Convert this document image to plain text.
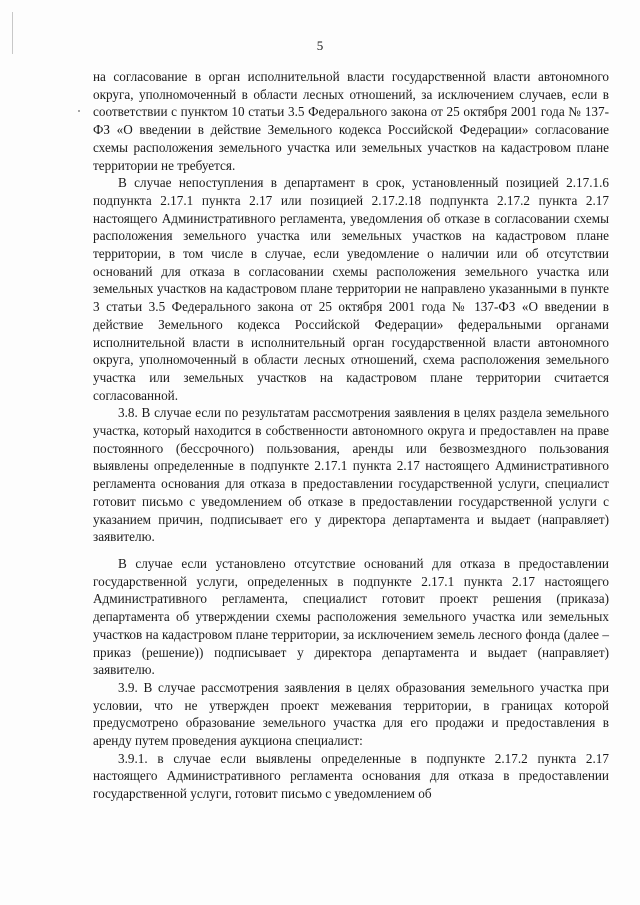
5

на согласование в орган исполнительной власти государственной власти автономного округа, уполномоченный в области лесных отношений, за исключением случаев, если в соответствии с пунктом 10 статьи 3.5 Федерального закона от 25 октября 2001 года № 137-ФЗ «О введении в действие Земельного кодекса Российской Федерации» согласование схемы расположения земельного участка или земельных участков на кадастровом плане территории не требуется.

В случае непоступления в департамент в срок, установленный позицией 2.17.1.6 подпункта 2.17.1 пункта 2.17 или позицией 2.17.2.18 подпункта 2.17.2 пункта 2.17 настоящего Административного регламента, уведомления об отказе в согласовании схемы расположения земельного участка или земельных участков на кадастровом плане территории, в том числе в случае, если уведомление о наличии или об отсутствии оснований для отказа в согласовании схемы расположения земельного участка или земельных участков на кадастровом плане территории не направлено указанными в пункте 3 статьи 3.5 Федерального закона от 25 октября 2001 года № 137-ФЗ «О введении в действие Земельного кодекса Российской Федерации» федеральными органами исполнительной власти в исполнительный орган государственной власти автономного округа, уполномоченный в области лесных отношений, схема расположения земельного участка или земельных участков на кадастровом плане территории считается согласованной.

3.8. В случае если по результатам рассмотрения заявления в целях раздела земельного участка, который находится в собственности автономного округа и предоставлен на праве постоянного (бессрочного) пользования, аренды или безвозмездного пользования выявлены определенные в подпункте 2.17.1 пункта 2.17 настоящего Административного регламента основания для отказа в предоставлении государственной услуги, специалист готовит письмо с уведомлением об отказе в предоставлении государственной услуги с указанием причин, подписывает его у директора департамента и выдает (направляет) заявителю.

В случае если установлено отсутствие оснований для отказа в предоставлении государственной услуги, определенных в подпункте 2.17.1 пункта 2.17 настоящего Административного регламента, специалист готовит проект решения (приказа) департамента об утверждении схемы расположения земельного участка или земельных участков на кадастровом плане территории, за исключением земель лесного фонда (далее – приказ (решение)) подписывает у директора департамента и выдает (направляет) заявителю.

3.9. В случае рассмотрения заявления в целях образования земельного участка при условии, что не утвержден проект межевания территории, в границах которой предусмотрено образование земельного участка для его продажи и предоставления в аренду путем проведения аукциона специалист:

3.9.1. в случае если выявлены определенные в подпункте 2.17.2 пункта 2.17 настоящего Административного регламента основания для отказа в предоставлении государственной услуги, готовит письмо с уведомлением об
